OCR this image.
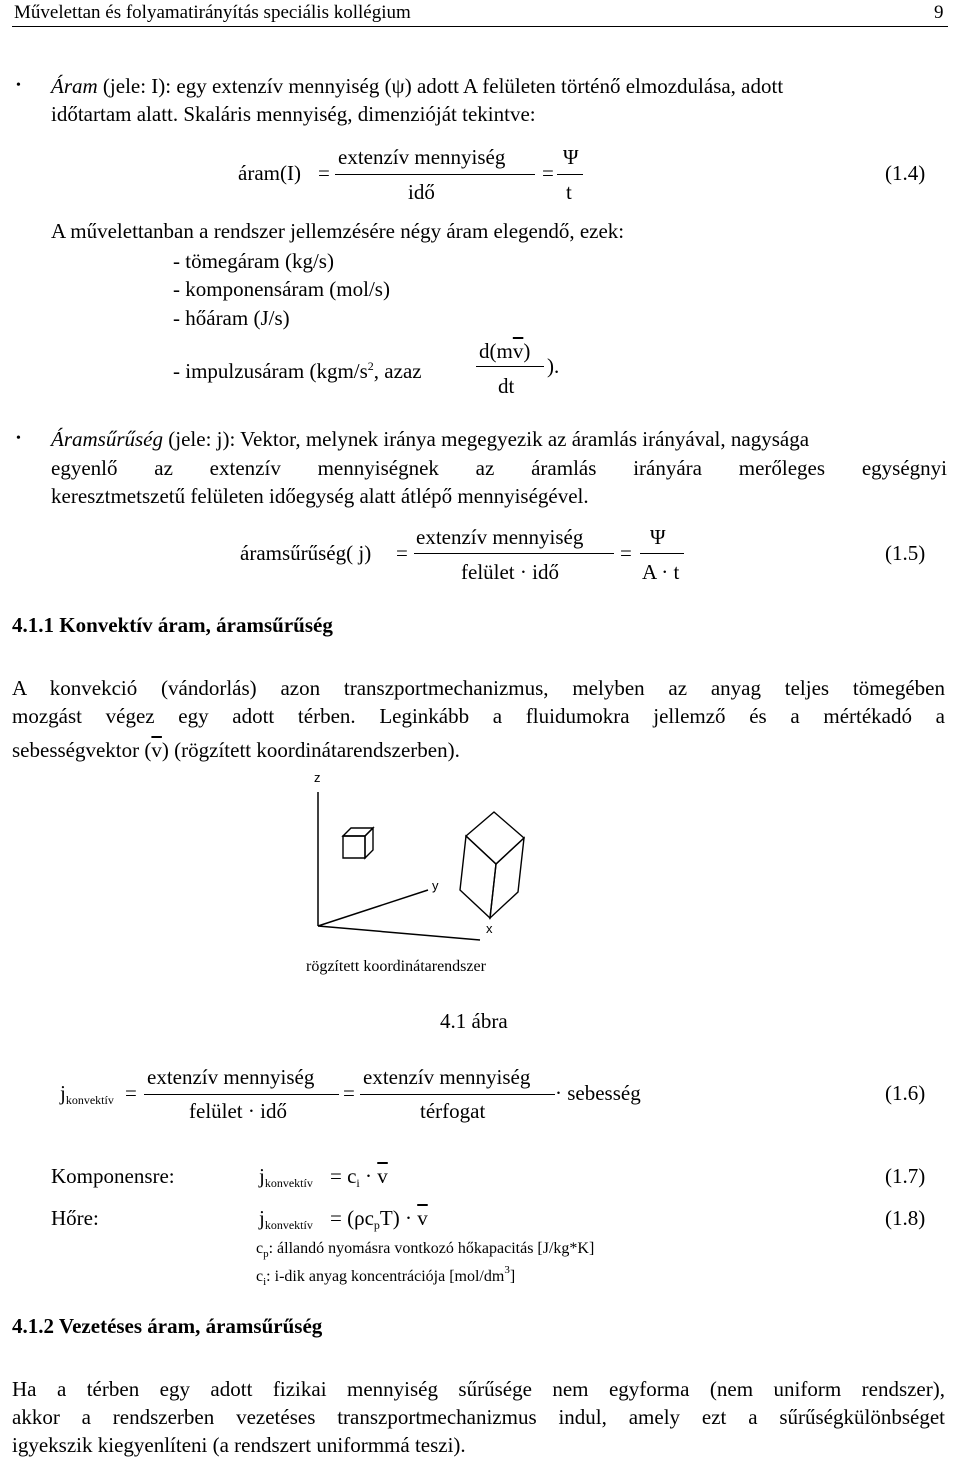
Művelettan és folyamatirányítás speciális kollégium	9
• Áram (jele: I): egy extenzív mennyiség (ψ) adott A felületen történő elmozdulása, adott
időtartam alatt. Skaláris mennyiség, dimenzióját tekintve:
áram(I) =
extenzív mennyiség
idő
=
Ψ
t
(1.4)
A művelettanban a rendszer jellemzésére négy áram elegendő, ezek:
- tömegáram (kg/s)
- komponensáram (mol/s)
- hőáram (J/s)
- impulzusáram ($kgm/s^2$, azaz
$d(m\overline{v})$
dt
).
• Áramsűrűség (jele: j): Vektor, melynek iránya megegyezik az áramlás irányával, nagysága
egyenlő az extenzív mennyiségnek az áramlás irányára merőleges egységnyi
keresztmetszetű felületen időegység alatt átlépő mennyiségével.
áramsűrűség( j) =
extenzív mennyiség
felület · idő
=
Ψ
A · t
(1.5)
4.1.1 Konvektív áram, áramsűrűség
A konvekció (vándorlás) azon transzportmechanizmus, melyben az anyag teljes tömegében
mozgást végez egy adott térben. Leginkább a fluidumokra jellemző és a mértékadó a
sebességvektor $(\overline{v})$ (rögzített koordinátarendszerben).
z
y
x
rögzített koordinátarendszer
4.1 ábra
$j_{konvektív}$ =
extenzív mennyiség
felület · idő
=
extenzív mennyiség
térfogat
· sebesség	(1.6)
Komponensre:	$j_{konvektív} = c_i \cdot \overline{v}$	(1.7)
Hőre:	$j_{konvektív} = (\rho c_pT) \cdot \overline{v}$	(1.8)
$c_p$: állandó nyomásra vontkozó hőkapacitás [J/kg*K]
$c_i$: i-dik anyag koncentrációja $[mol/dm^3]$
4.1.2 Vezetéses áram, áramsűrűség
Ha a térben egy adott fizikai mennyiség sűrűsége nem egyforma (nem uniform rendszer),
akkor a rendszerben vezetéses transzportmechanizmus indul, amely ezt a sűrűségkülönbséget
igyekszik kiegyenlíteni (a rendszert uniformmá teszi).
